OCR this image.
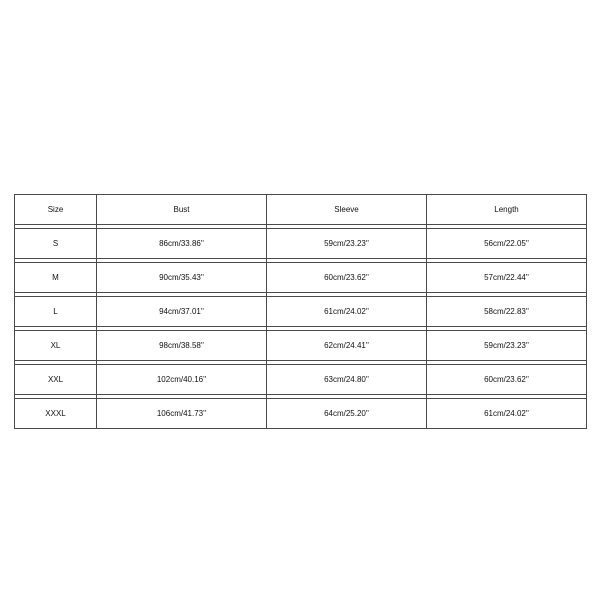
Size	Bust	Sleeve	Length

S	86cm/33.86''	59cm/23.23''	56cm/22.05''

M	90cm/35.43''	60cm/23.62''	57cm/22.44''

L	94cm/37.01''	61cm/24.02''	58cm/22.83''

XL	98cm/38.58''	62cm/24.41''	59cm/23.23''

XXL	102cm/40.16''	63cm/24.80''	60cm/23.62''

XXXL	106cm/41.73''	64cm/25.20''	61cm/24.02''
